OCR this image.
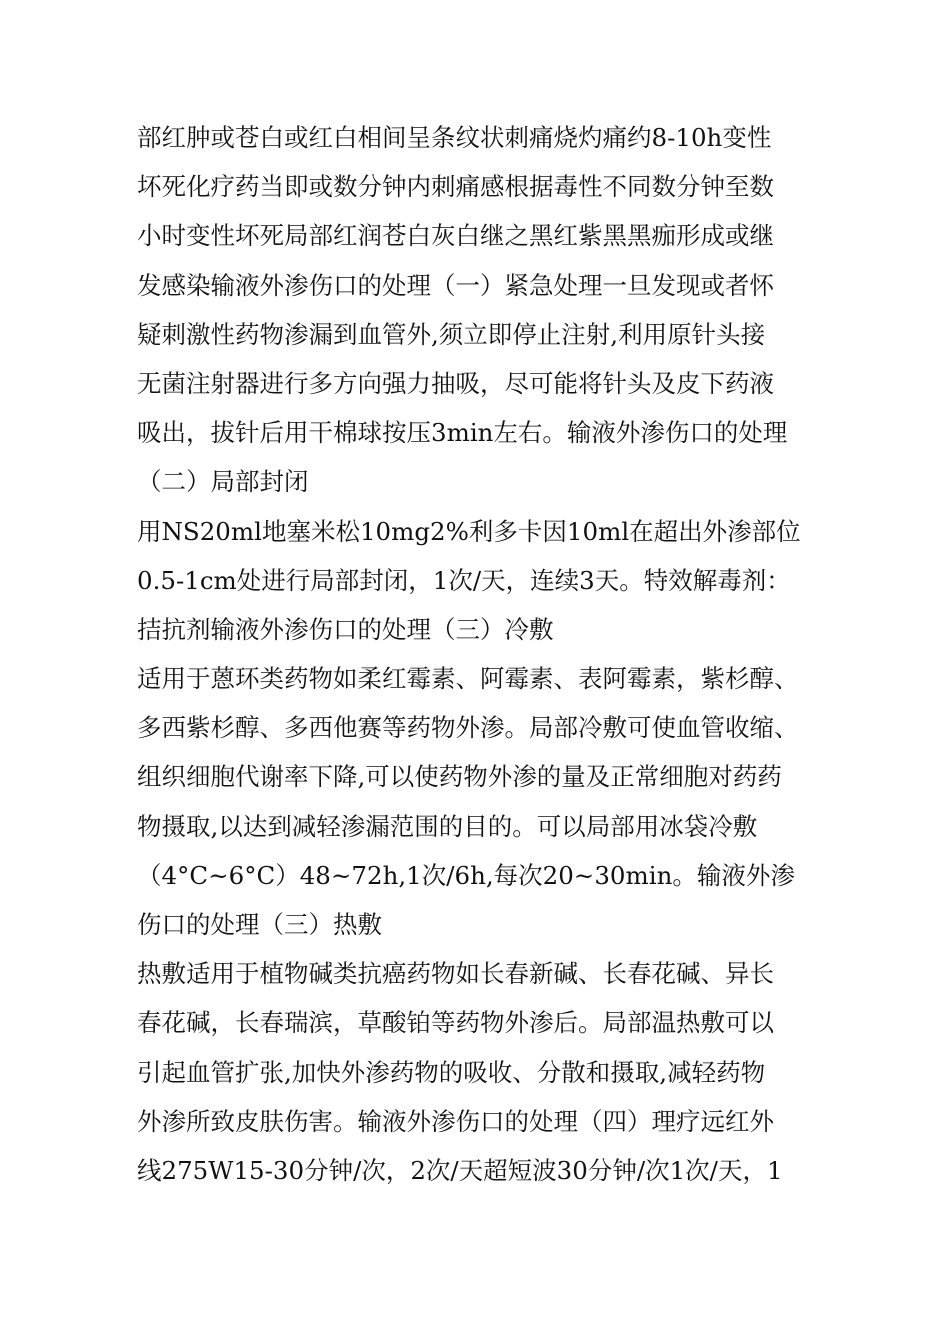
部红肿或苍白或红白相间呈条纹状刺痛烧灼痛约8-10h变性
坏死化疗药当即或数分钟内刺痛感根据毒性不同数分钟至数
小时变性坏死局部红润苍白灰白继之黑红紫黑黑痂形成或继
发感染输液外渗伤口的处理（一）紧急处理一旦发现或者怀
疑刺激性药物渗漏到血管外,须立即停止注射,利用原针头接
无菌注射器进行多方向强力抽吸，尽可能将针头及皮下药液
吸出，拔针后用干棉球按压3min左右。输液外渗伤口的处理
（二）局部封闭
用NS20ml地塞米松10mg2%利多卡因10ml在超出外渗部位
0.5-1cm处进行局部封闭，1次/天，连续3天。特效解毒剂：
拮抗剂输液外渗伤口的处理（三）冷敷
适用于蒽环类药物如柔红霉素、阿霉素、表阿霉素，紫杉醇、
多西紫杉醇、多西他赛等药物外渗。局部冷敷可使血管收缩、
组织细胞代谢率下降,可以使药物外渗的量及正常细胞对药药
物摄取,以达到减轻渗漏范围的目的。可以局部用冰袋冷敷
（4°C~6°C）48~72h,1次/6h,每次20~30min。输液外渗
伤口的处理（三）热敷
热敷适用于植物碱类抗癌药物如长春新碱、长春花碱、异长
春花碱，长春瑞滨，草酸铂等药物外渗后。局部温热敷可以
引起血管扩张,加快外渗药物的吸收、分散和摄取,减轻药物
外渗所致皮肤伤害。输液外渗伤口的处理（四）理疗远红外
线275W15-30分钟/次，2次/天超短波30分钟/次1次/天，1
